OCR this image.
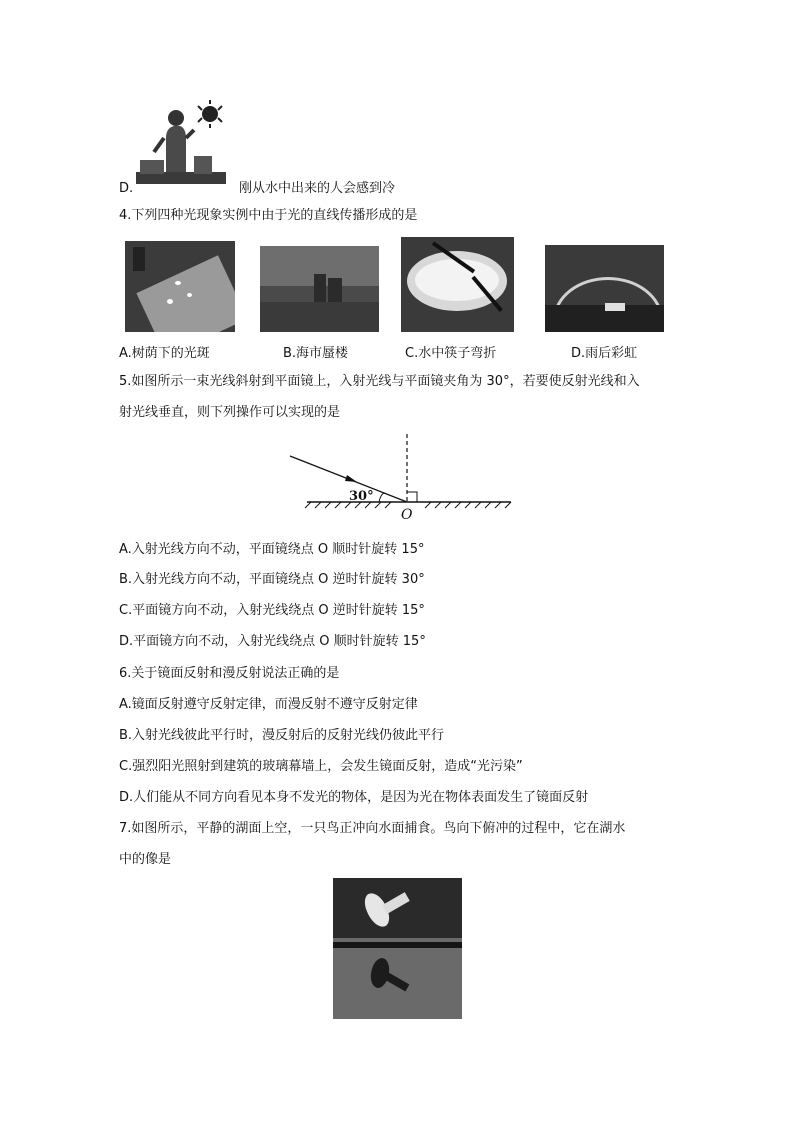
D.	刚从水中出来的人会感到冷
4.下列四种光现象实例中由于光的直线传播形成的是
A.树荫下的光斑	B.海市蜃楼	C.水中筷子弯折	D.雨后彩虹
5.如图所示一束光线斜射到平面镜上，入射光线与平面镜夹角为 30°，若要使反射光线和入
射光线垂直，则下列操作可以实现的是
30°
O
A.入射光线方向不动，平面镜绕点 O 顺时针旋转 15°
B.入射光线方向不动，平面镜绕点 O 逆时针旋转 30°
C.平面镜方向不动，入射光线绕点 O 逆时针旋转 15°
D.平面镜方向不动，入射光线绕点 O 顺时针旋转 15°
6.关于镜面反射和漫反射说法正确的是
A.镜面反射遵守反射定律，而漫反射不遵守反射定律
B.入射光线彼此平行时，漫反射后的反射光线仍彼此平行
C.强烈阳光照射到建筑的玻璃幕墙上，会发生镜面反射，造成“光污染”
D.人们能从不同方向看见本身不发光的物体，是因为光在物体表面发生了镜面反射
7.如图所示，平静的湖面上空，一只鸟正冲向水面捕食。鸟向下俯冲的过程中，它在湖水
中的像是
